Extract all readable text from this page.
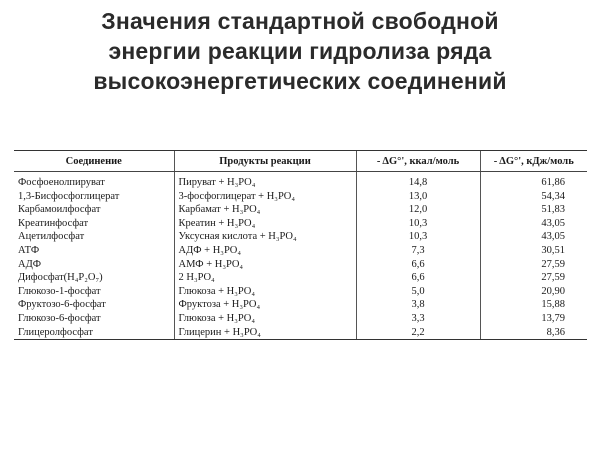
Значения стандартной свободной
энергии реакции гидролиза ряда
высокоэнергетических соединений
Соединение	Продукты реакции	- ΔG°', ккал/моль	- ΔG°', кДж/моль
Фосфоенолпируват	Пируват + H₃PO₄	14,8	61,86
1,3-Бисфосфоглицерат	3-фосфоглицерат + H₃PO₄	13,0	54,34
Карбамоилфосфат	Карбамат + H₃PO₄	12,0	51,83
Креатинфосфат	Креатин + H₃PO₄	10,3	43,05
Ацетилфосфат	Уксусная кислота + H₃PO₄	10,3	43,05
АТФ	АДФ + H₃PO₄	7,3	30,51
АДФ	АМФ + H₃PO₄	6,6	27,59
Дифосфат(H₄P₂O₇)	2 H₃PO₄	6,6	27,59
Глюкозо-1-фосфат	Глюкоза + H₃PO₄	5,0	20,90
Фруктозо-6-фосфат	Фруктоза + H₃PO₄	3,8	15,88
Глюкозо-6-фосфат	Глюкоза + H₃PO₄	3,3	13,79
Глицеролфосфат	Глицерин + H₃PO₄	2,2	8,36
